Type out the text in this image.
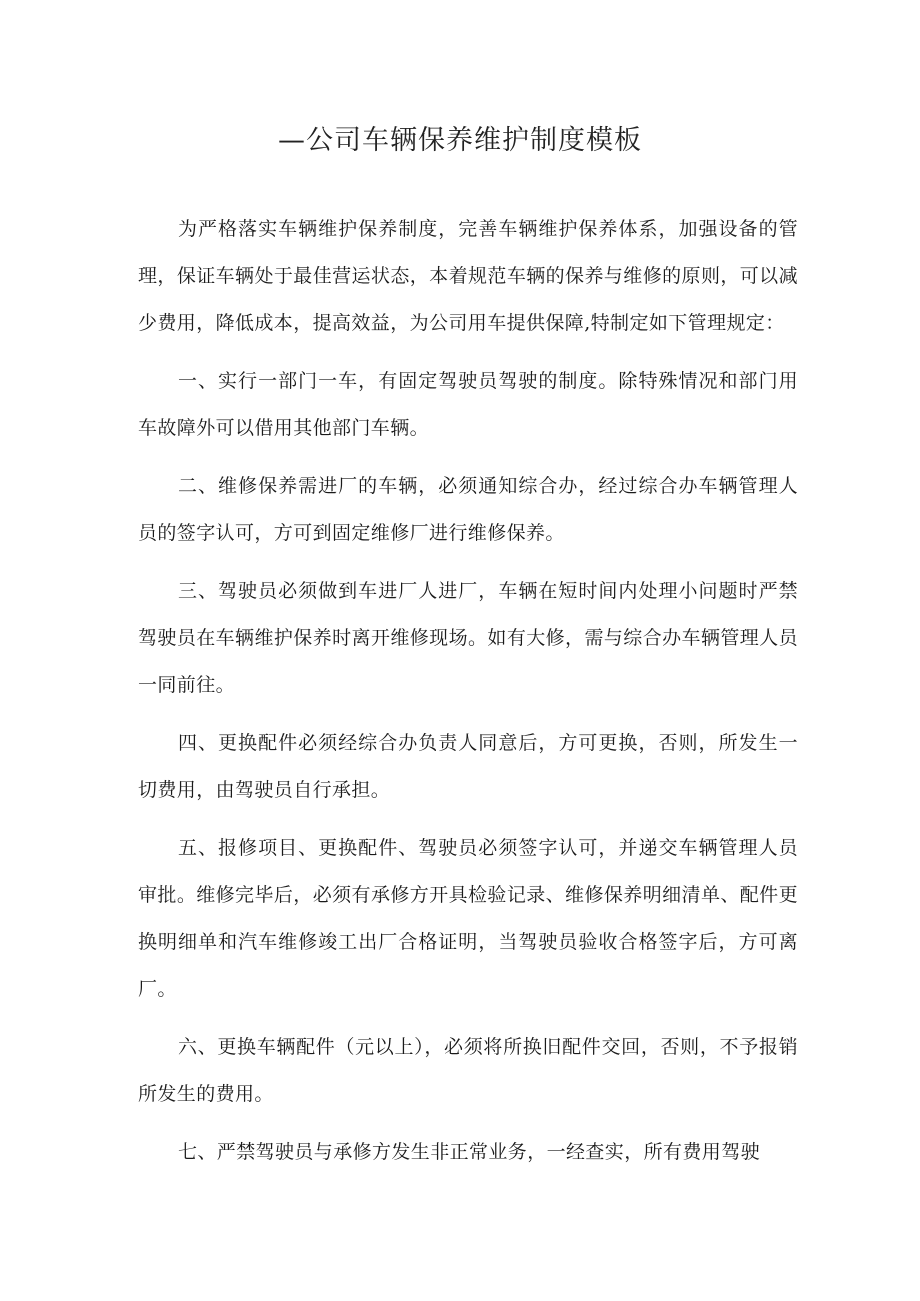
—公司车辆保养维护制度模板

为严格落实车辆维护保养制度，完善车辆维护保养体系，加强设备的管理，保证车辆处于最佳营运状态，本着规范车辆的保养与维修的原则，可以减少费用，降低成本，提高效益，为公司用车提供保障,特制定如下管理规定：

一、实行一部门一车，有固定驾驶员驾驶的制度。除特殊情况和部门用车故障外可以借用其他部门车辆。

二、维修保养需进厂的车辆，必须通知综合办，经过综合办车辆管理人员的签字认可，方可到固定维修厂进行维修保养。

三、驾驶员必须做到车进厂人进厂，车辆在短时间内处理小问题时严禁驾驶员在车辆维护保养时离开维修现场。如有大修，需与综合办车辆管理人员一同前往。

四、更换配件必须经综合办负责人同意后，方可更换，否则，所发生一切费用，由驾驶员自行承担。

五、报修项目、更换配件、驾驶员必须签字认可，并递交车辆管理人员审批。维修完毕后，必须有承修方开具检验记录、维修保养明细清单、配件更换明细单和汽车维修竣工出厂合格证明，当驾驶员验收合格签字后，方可离厂。

六、更换车辆配件（元以上），必须将所换旧配件交回，否则，不予报销所发生的费用。

七、严禁驾驶员与承修方发生非正常业务，一经查实，所有费用驾驶
